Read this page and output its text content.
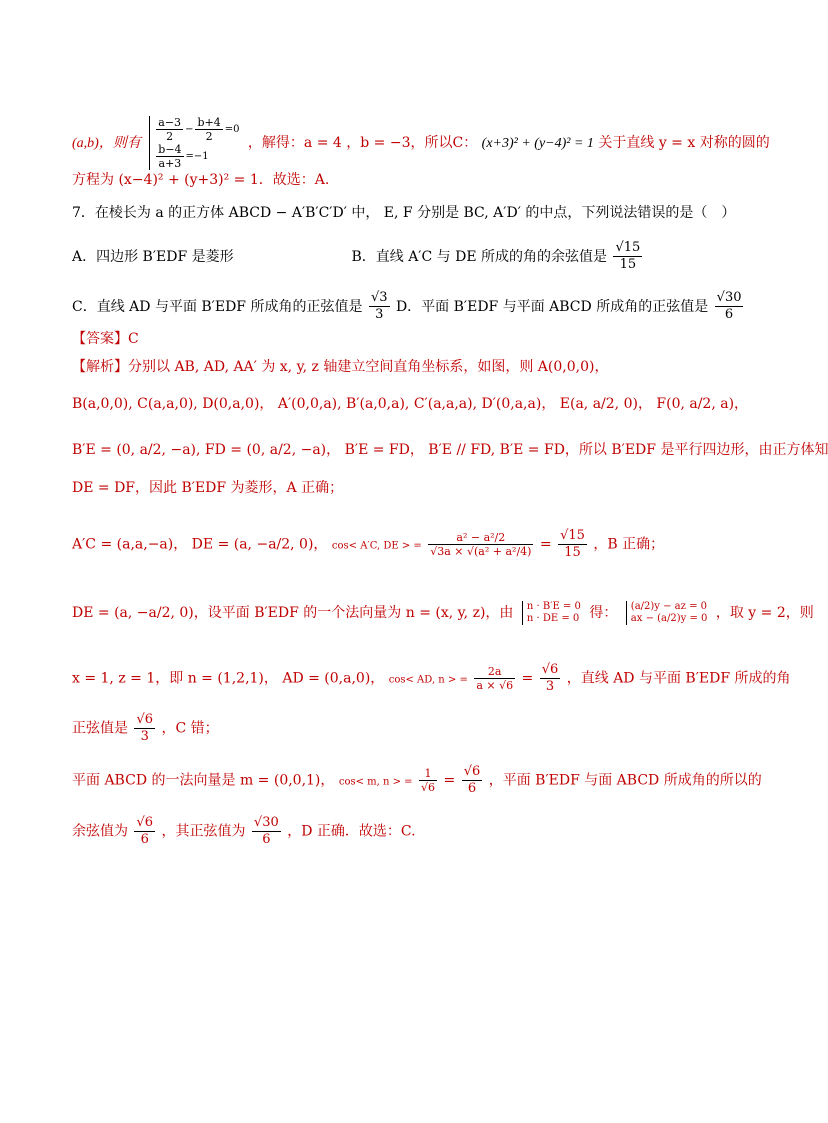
(a,b)，则有
$\frac{a-3}{2} - \frac{b+4}{2} =0$
$\frac{b-4}{a+3} =-1$
，解得：a = 4 ，b = −3，所以C： (x+3)² + (y−4)² = 1 关于直线 y = x 对称的圆的
方程为 (x−4)² + (y+3)² = 1．故选：A.
7．在棱长为 a 的正方体 ABCD − A′B′C′D′ 中， E, F 分别是 BC, A′D′ 的中点，下列说法错误的是（　）
A．四边形 B′EDF 是菱形	B．直线 A′C 与 DE 所成的角的余弦值是 $\frac{√15}{15}$
C．直线 AD 与平面 B′EDF 所成角的正弦值是 $\frac{√3}{3}$ D．平面 B′EDF 与平面 ABCD 所成角的正弦值是 $\frac{√30}{6}$
【答案】C
【解析】分别以 AB, AD, AA′ 为 x, y, z 轴建立空间直角坐标系，如图，则 A(0,0,0)，
B(a,0,0), C(a,a,0), D(0,a,0)， A′(0,0,a), B′(a,0,a), C′(a,a,a), D′(0,a,a)， E(a, a/2, 0)， F(0, a/2, a)，
B′E = (0, a/2, −a), FD = (0, a/2, −a)， B′E = FD， B′E // FD, B′E = FD，所以 B′EDF 是平行四边形，由正方体知
DE = DF，因此 B′EDF 为菱形，A 正确；
A′C = (a,a,−a)， DE = (a, −a/2, 0)， cos< A′C, DE > = $\frac{\text{a² − a²/2}}{\text{√3a × √(a² + a²/4)}} = \frac{√15}{15}$ ，B 正确；
DE = (a, −a/2, 0)，设平面 B′EDF 的一个法向量为 n = (x, y, z)，由 n · B′E = 0
n · DE = 0 得： (a/2)y − az = 0
ax − (a/2)y = 0 ，取 y = 2，则
x = 1, z = 1，即 n = (1,2,1)， AD = (0,a,0)， cos< AD, n > = $\frac{2a}{a \times √6} = \frac{√6}{3}$ ，直线 AD 与平面 B′EDF 所成的角
正弦值是 $\frac{√6}{3}$ ，C 错；
平面 ABCD 的一法向量是 m = (0,0,1)， cos< m, n > = $\frac{1}{√6} = \frac{√6}{6}$ ，平面 B′EDF 与面 ABCD 所成角的所以的
余弦值为 $\frac{√6}{6}$ ，其正弦值为 $\frac{√30}{6}$ ，D 正确．故选：C.
